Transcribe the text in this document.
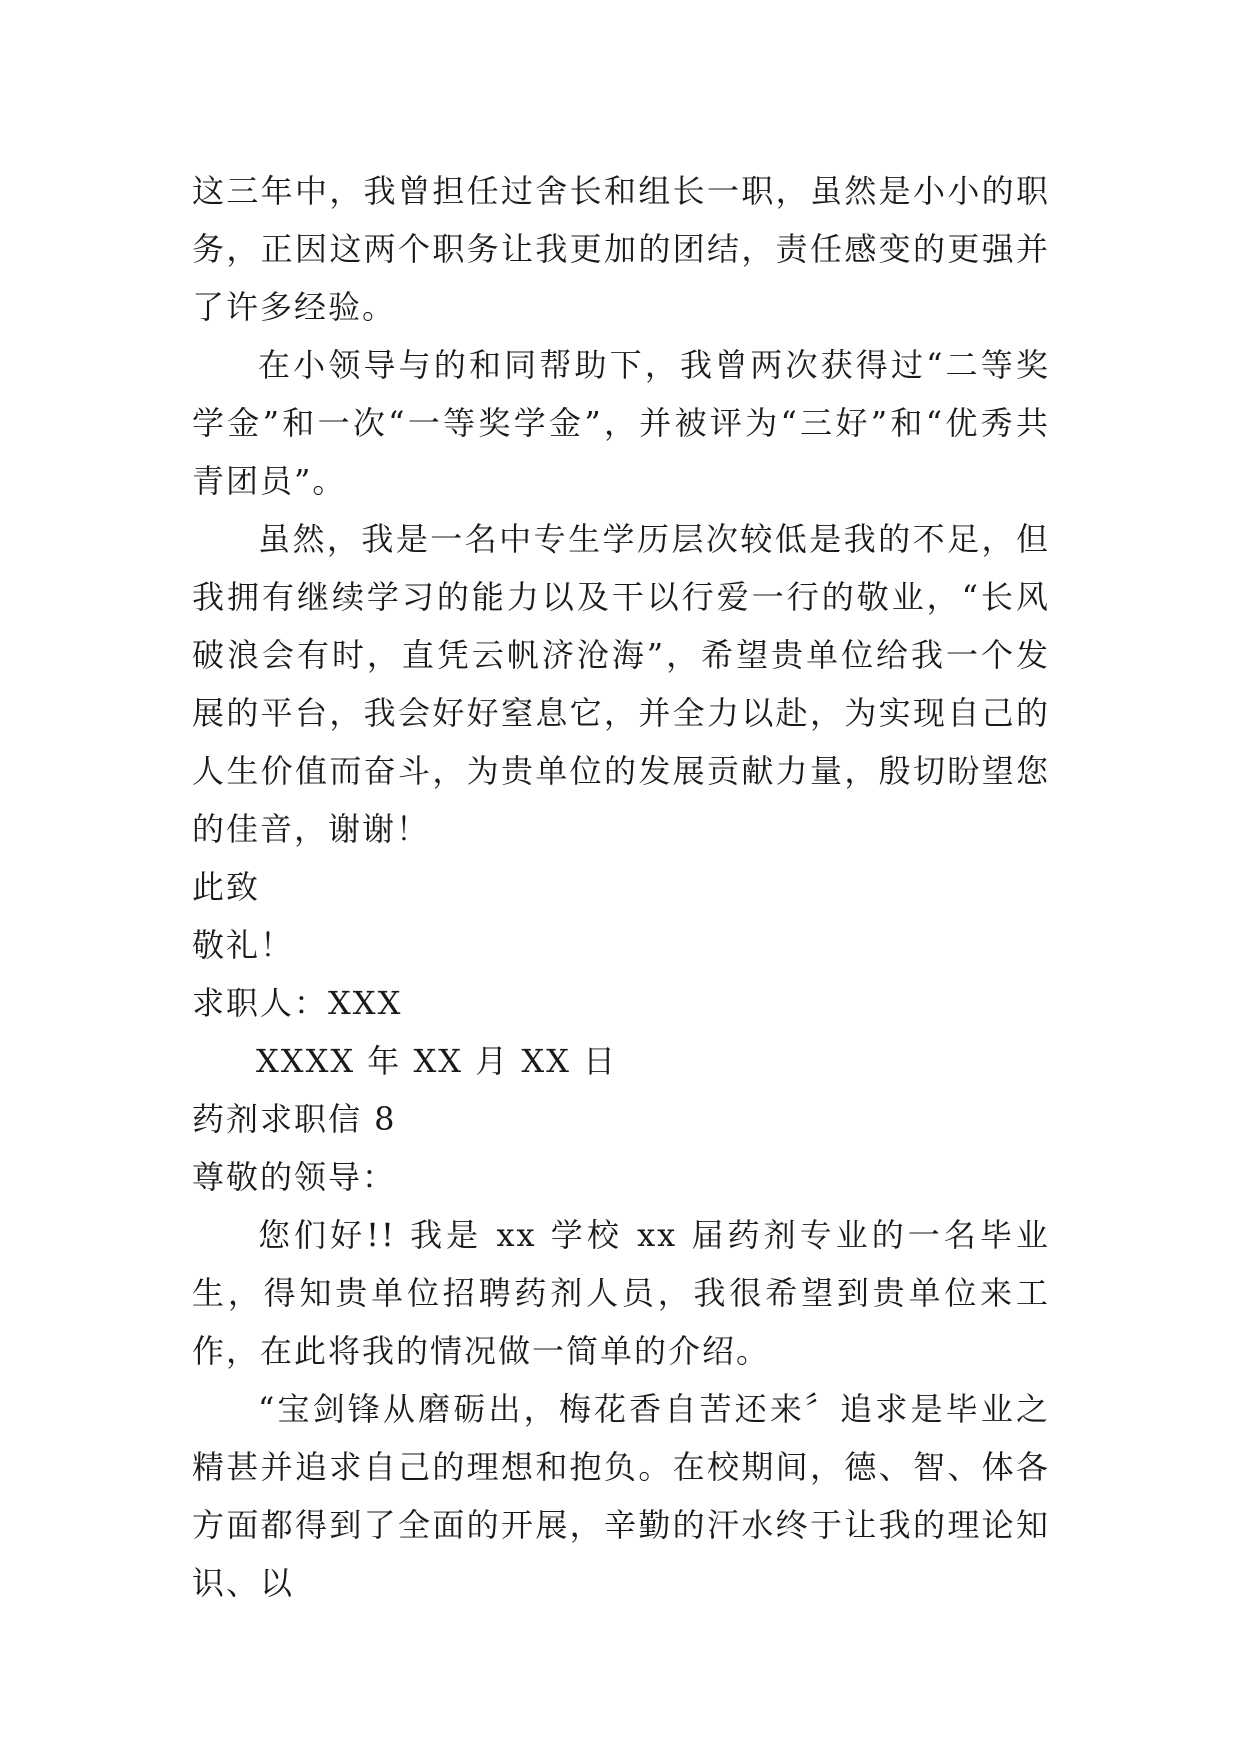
这三年中，我曾担任过舍长和组长一职，虽然是小小的职务，正因这两个职务让我更加的团结，责任感变的更强并了许多经验。

在小领导与的和同帮助下，我曾两次获得过“二等奖学金”和一次“一等奖学金”，并被评为“三好”和“优秀共青团员”。

虽然，我是一名中专生学历层次较低是我的不足，但我拥有继续学习的能力以及干以行爱一行的敬业，“长风破浪会有时，直凭云帆济沧海”，希望贵单位给我一个发展的平台，我会好好窒息它，并全力以赴，为实现自己的人生价值而奋斗，为贵单位的发展贡献力量，殷切盼望您的佳音，谢谢！

此致

敬礼！

求职人：XXX

XXXX 年 XX 月 XX 日

药剂求职信 8

尊敬的领导：

您们好!! 我是 xx 学校 xx 届药剂专业的一名毕业生，得知贵单位招聘药剂人员，我很希望到贵单位来工作，在此将我的情况做一简单的介绍。

“宝剑锋从磨砺出，梅花香自苦还来〞追求是毕业之精甚并追求自己的理想和抱负。在校期间，德、智、体各方面都得到了全面的开展，辛勤的汗水终于让我的理论知识、以
